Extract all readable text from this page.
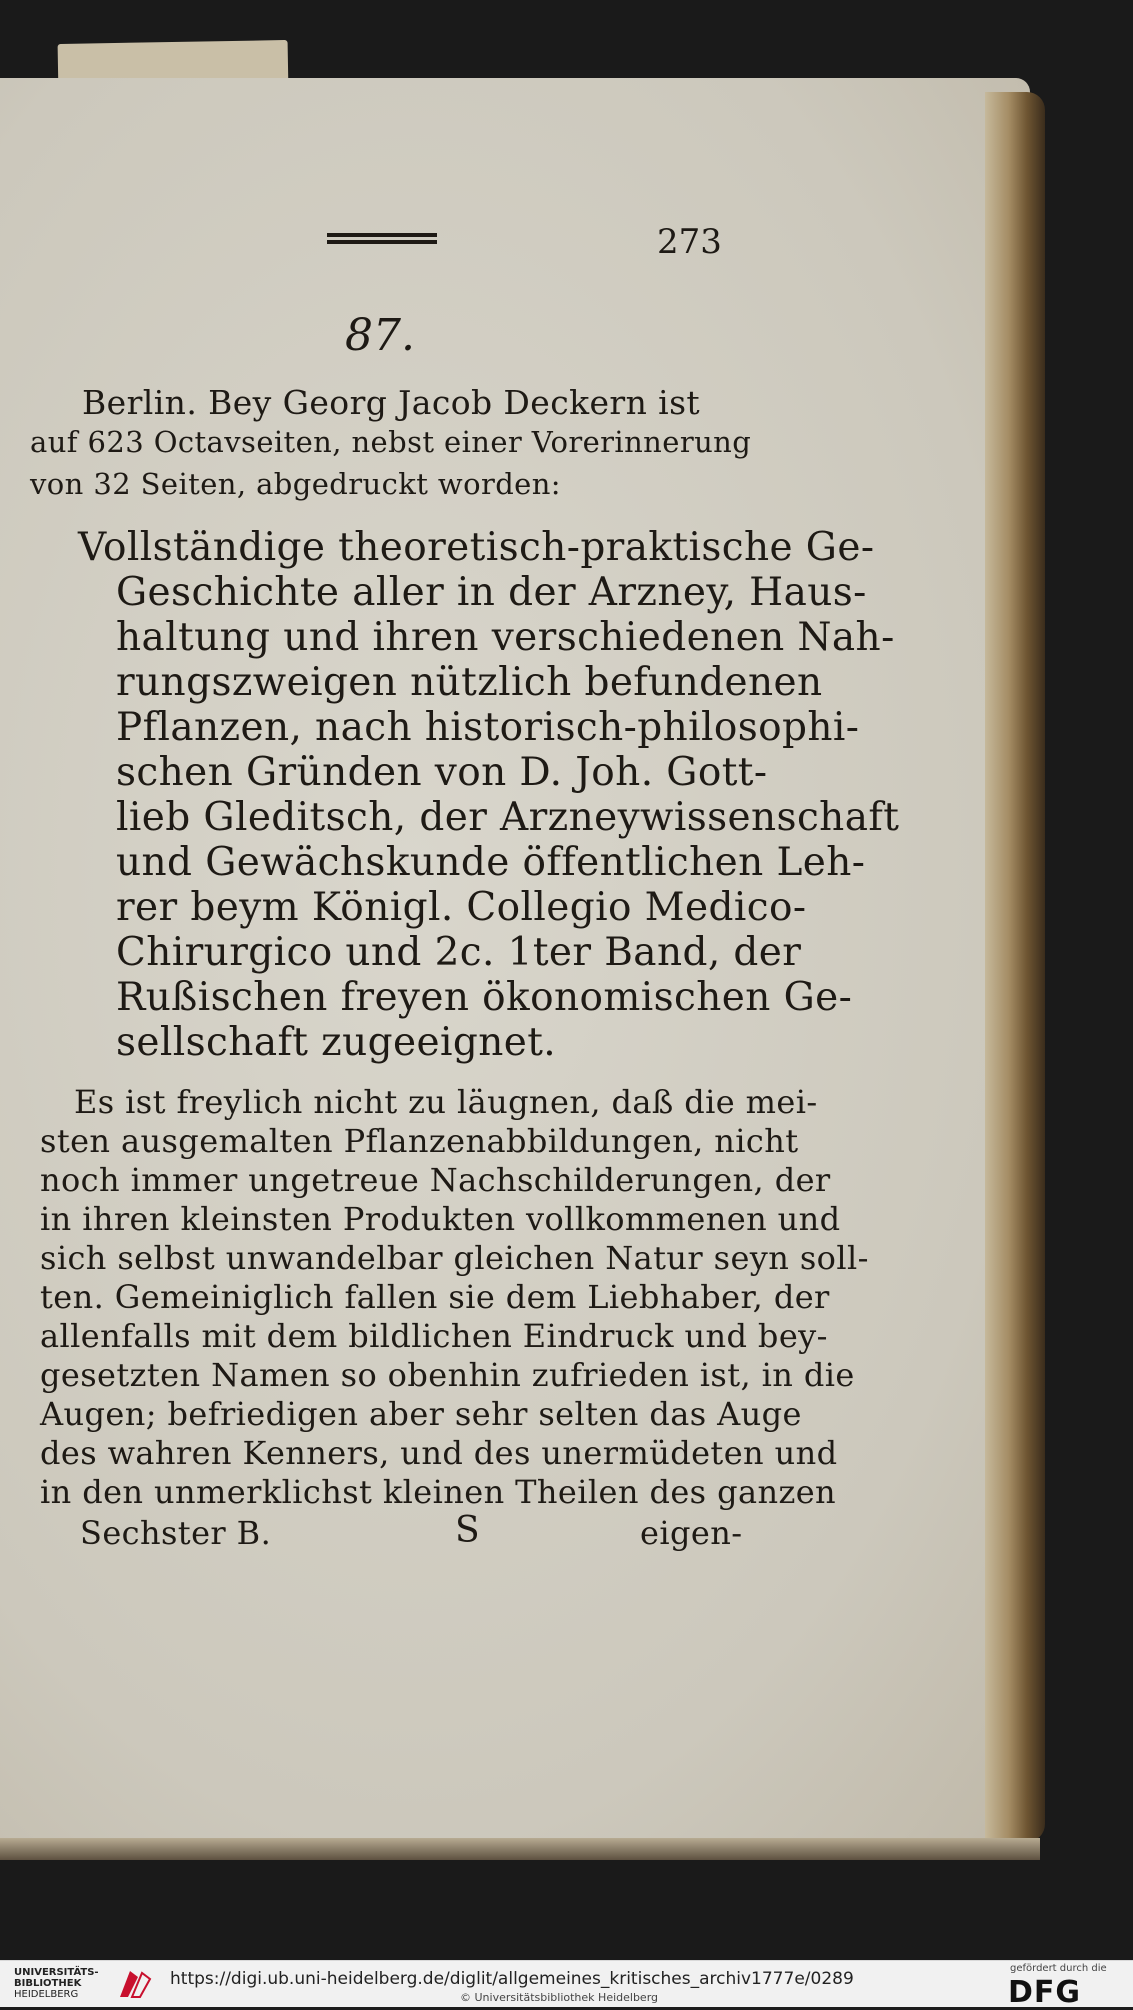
273
87.
Berlin. Bey Georg Jacob Deckern ist
auf 623 Octavseiten, nebst einer Vorerinnerung
von 32 Seiten, abgedruckt worden:
Vollständige theoretisch-praktische Ge-
Geschichte aller in der Arzney, Haus-
haltung und ihren verschiedenen Nah-
rungszweigen nützlich befundenen
Pflanzen, nach historisch-philosophi-
schen Gründen von D. Joh. Gott-
lieb Gleditsch, der Arzneywissenschaft
und Gewächskunde öffentlichen Leh-
rer beym Königl. Collegio Medico-
Chirurgico und 2c. 1ter Band, der
Rußischen freyen ökonomischen Ge-
sellschaft zugeeignet.
Es ist freylich nicht zu läugnen, daß die mei-
sten ausgemalten Pflanzenabbildungen, nicht
noch immer ungetreue Nachschilderungen, der
in ihren kleinsten Produkten vollkommenen und
sich selbst unwandelbar gleichen Natur seyn soll-
ten. Gemeiniglich fallen sie dem Liebhaber, der
allenfalls mit dem bildlichen Eindruck und bey-
gesetzten Namen so obenhin zufrieden ist, in die
Augen; befriedigen aber sehr selten das Auge
des wahren Kenners, und des unermüdeten und
in den unmerklichst kleinen Theilen des ganzen
Sechster B.	S	eigen-
UNIVERSITÄTS-
BIBLIOTHEK
HEIDELBERG
https://digi.ub.uni-heidelberg.de/diglit/allgemeines_kritisches_archiv1777e/0289
© Universitätsbibliothek Heidelberg
gefördert durch die
DFG
